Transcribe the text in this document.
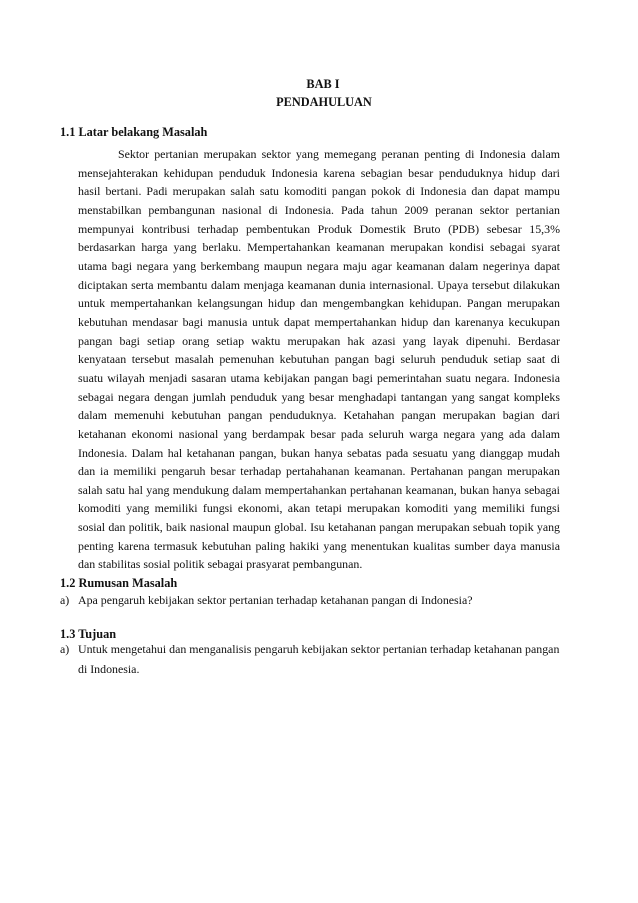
BAB I
PENDAHULUAN
1.1 Latar belakang Masalah

Sektor pertanian merupakan sektor yang memegang peranan penting di Indonesia dalam mensejahterakan kehidupan penduduk Indonesia karena sebagian besar penduduknya hidup dari hasil bertani. Padi merupakan salah satu komoditi pangan pokok di Indonesia dan dapat mampu menstabilkan pembangunan nasional di Indonesia. Pada tahun 2009 peranan sektor pertanian mempunyai kontribusi terhadap pembentukan Produk Domestik Bruto (PDB) sebesar 15,3% berdasarkan harga yang berlaku. Mempertahankan keamanan merupakan kondisi sebagai syarat utama bagi negara yang berkembang maupun negara maju agar keamanan dalam negerinya dapat diciptakan serta membantu dalam menjaga keamanan dunia internasional. Upaya tersebut dilakukan untuk mempertahankan kelangsungan hidup dan mengembangkan kehidupan. Pangan merupakan kebutuhan mendasar bagi manusia untuk dapat mempertahankan hidup dan karenanya kecukupan pangan bagi setiap orang setiap waktu merupakan hak azasi yang layak dipenuhi. Berdasar kenyataan tersebut masalah pemenuhan kebutuhan pangan bagi seluruh penduduk setiap saat di suatu wilayah menjadi sasaran utama kebijakan pangan bagi pemerintahan suatu negara. Indonesia sebagai negara dengan jumlah penduduk yang besar menghadapi tantangan yang sangat kompleks dalam memenuhi kebutuhan pangan penduduknya. Ketahahan pangan merupakan bagian dari ketahanan ekonomi nasional yang berdampak besar pada seluruh warga negara yang ada dalam Indonesia. Dalam hal ketahanan pangan, bukan hanya sebatas pada sesuatu yang dianggap mudah dan ia memiliki pengaruh besar terhadap pertahahanan keamanan. Pertahanan pangan merupakan salah satu hal yang mendukung dalam mempertahankan pertahanan keamanan, bukan hanya sebagai komoditi yang memiliki fungsi ekonomi, akan tetapi merupakan komoditi yang memiliki fungsi sosial dan politik, baik nasional maupun global. Isu ketahanan pangan merupakan sebuah topik yang penting karena termasuk kebutuhan paling hakiki yang menentukan kualitas sumber daya manusia dan stabilitas sosial politik sebagai prasyarat pembangunan.

1.2 Rumusan Masalah
a) Apa pengaruh kebijakan sektor pertanian terhadap ketahanan pangan di Indonesia?
1.3 Tujuan
a) Untuk mengetahui dan menganalisis pengaruh kebijakan sektor pertanian terhadap ketahanan pangan di Indonesia.
